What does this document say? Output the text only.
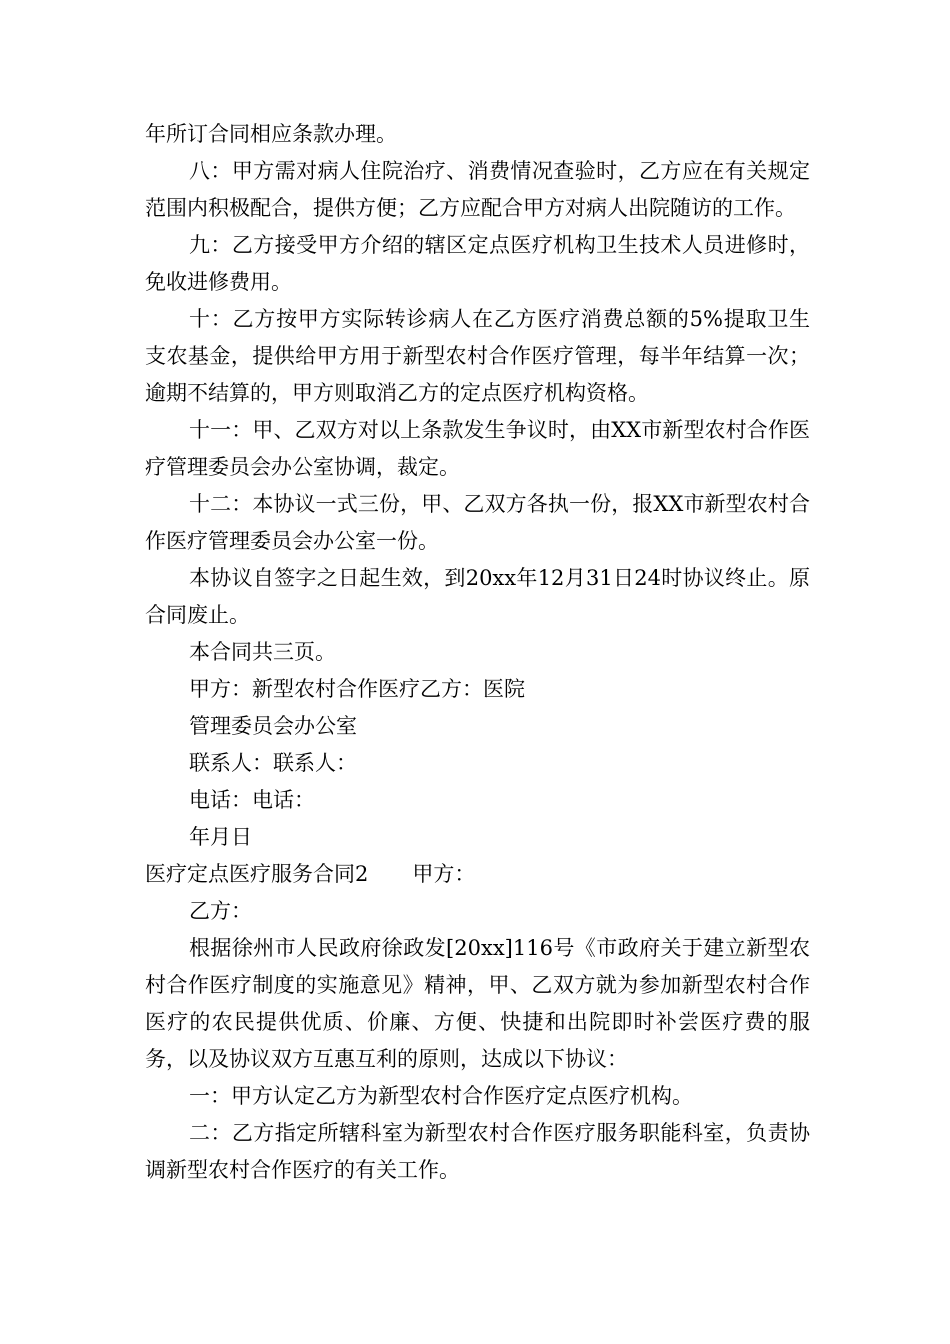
年所订合同相应条款办理。

八：甲方需对病人住院治疗、消费情况查验时，乙方应在有关规定范围内积极配合，提供方便；乙方应配合甲方对病人出院随访的工作。

九：乙方接受甲方介绍的辖区定点医疗机构卫生技术人员进修时，免收进修费用。

十：乙方按甲方实际转诊病人在乙方医疗消费总额的5%提取卫生支农基金，提供给甲方用于新型农村合作医疗管理，每半年结算一次；逾期不结算的，甲方则取消乙方的定点医疗机构资格。

十一：甲、乙双方对以上条款发生争议时，由XX市新型农村合作医疗管理委员会办公室协调，裁定。

十二：本协议一式三份，甲、乙双方各执一份，报XX市新型农村合作医疗管理委员会办公室一份。

本协议自签字之日起生效，到20xx年12月31日24时协议终止。原合同废止。

本合同共三页。

甲方：新型农村合作医疗乙方：医院

管理委员会办公室

联系人：联系人：

电话：电话：

年月日

医疗定点医疗服务合同2 甲方：

乙方：

根据徐州市人民政府徐政发[20xx]116号《市政府关于建立新型农村合作医疗制度的实施意见》精神，甲、乙双方就为参加新型农村合作医疗的农民提供优质、价廉、方便、快捷和出院即时补尝医疗费的服务，以及协议双方互惠互利的原则，达成以下协议：

一：甲方认定乙方为新型农村合作医疗定点医疗机构。

二：乙方指定所辖科室为新型农村合作医疗服务职能科室，负责协调新型农村合作医疗的有关工作。
